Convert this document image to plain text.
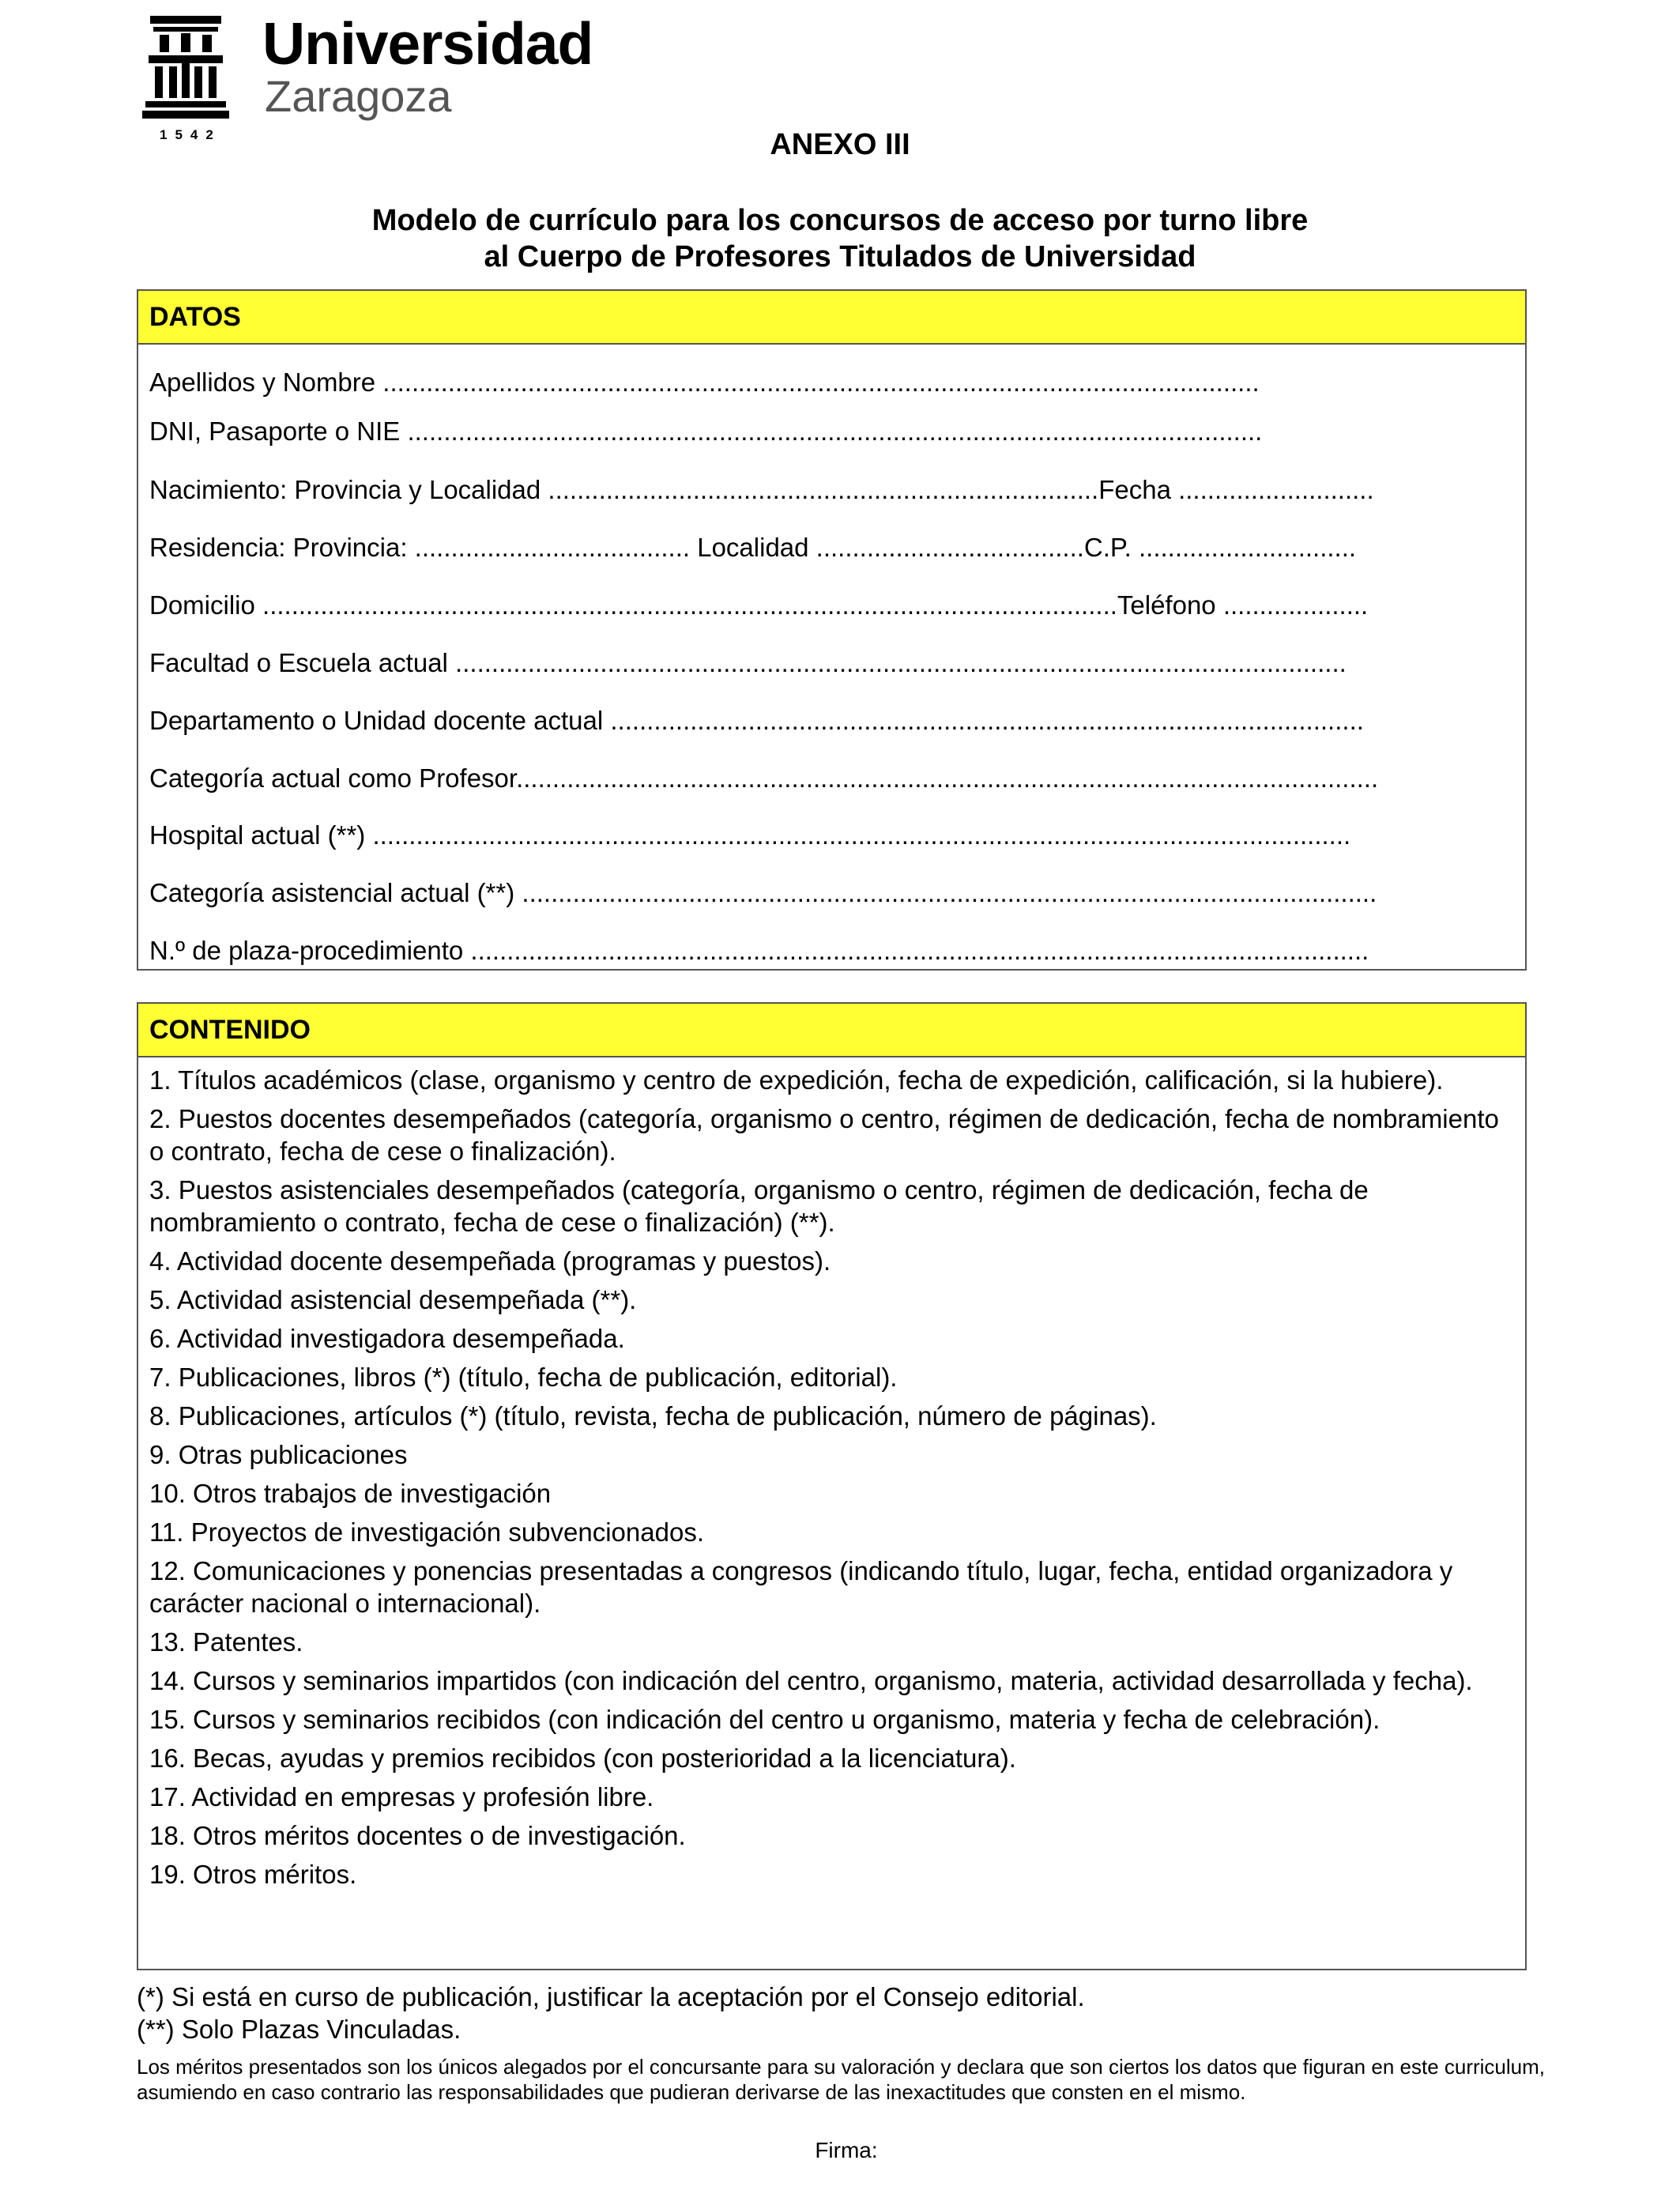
Universidad
Zaragoza
1542	ANEXO III
Modelo de currículo para los concursos de acceso por turno libre
al Cuerpo de Profesores Titulados de Universidad
DATOS
Apellidos y Nombre .........................................................................................................................
DNI, Pasaporte o NIE ......................................................................................................................
Nacimiento: Provincia y Localidad ............................................................................Fecha ...........................
Residencia: Provincia: ...................................... Localidad .....................................C.P. ..............................
Domicilio ......................................................................................................................Teléfono ....................
Facultad o Escuela actual ...........................................................................................................................
Departamento o Unidad docente actual ........................................................................................................
Categoría actual como Profesor.......................................................................................................................
Hospital actual (**) .......................................................................................................................................
Categoría asistencial actual (**) ......................................................................................................................
N.º de plaza-procedimiento ............................................................................................................................
CONTENIDO
1. Títulos académicos (clase, organismo y centro de expedición, fecha de expedición, calificación, si la hubiere).
2. Puestos docentes desempeñados (categoría, organismo o centro, régimen de dedicación, fecha de nombramiento o contrato, fecha de cese o finalización).
3. Puestos asistenciales desempeñados (categoría, organismo o centro, régimen de dedicación, fecha de nombramiento o contrato, fecha de cese o finalización) (**).
4. Actividad docente desempeñada (programas y puestos).
5. Actividad asistencial desempeñada (**).
6. Actividad investigadora desempeñada.
7. Publicaciones, libros (*) (título, fecha de publicación, editorial).
8. Publicaciones, artículos (*) (título, revista, fecha de publicación, número de páginas).
9. Otras publicaciones
10. Otros trabajos de investigación
11. Proyectos de investigación subvencionados.
12. Comunicaciones y ponencias presentadas a congresos (indicando título, lugar, fecha, entidad organizadora y carácter nacional o internacional).
13. Patentes.
14. Cursos y seminarios impartidos (con indicación del centro, organismo, materia, actividad desarrollada y fecha).
15. Cursos y seminarios recibidos (con indicación del centro u organismo, materia y fecha de celebración).
16. Becas, ayudas y premios recibidos (con posterioridad a la licenciatura).
17. Actividad en empresas y profesión libre.
18. Otros méritos docentes o de investigación.
19. Otros méritos.
(*) Si está en curso de publicación, justificar la aceptación por el Consejo editorial.
(**) Solo Plazas Vinculadas.
Los méritos presentados son los únicos alegados por el concursante para su valoración y declara que son ciertos los datos que figuran en este curriculum, asumiendo en caso contrario las responsabilidades que pudieran derivarse de las inexactitudes que consten en el mismo.
Firma:
